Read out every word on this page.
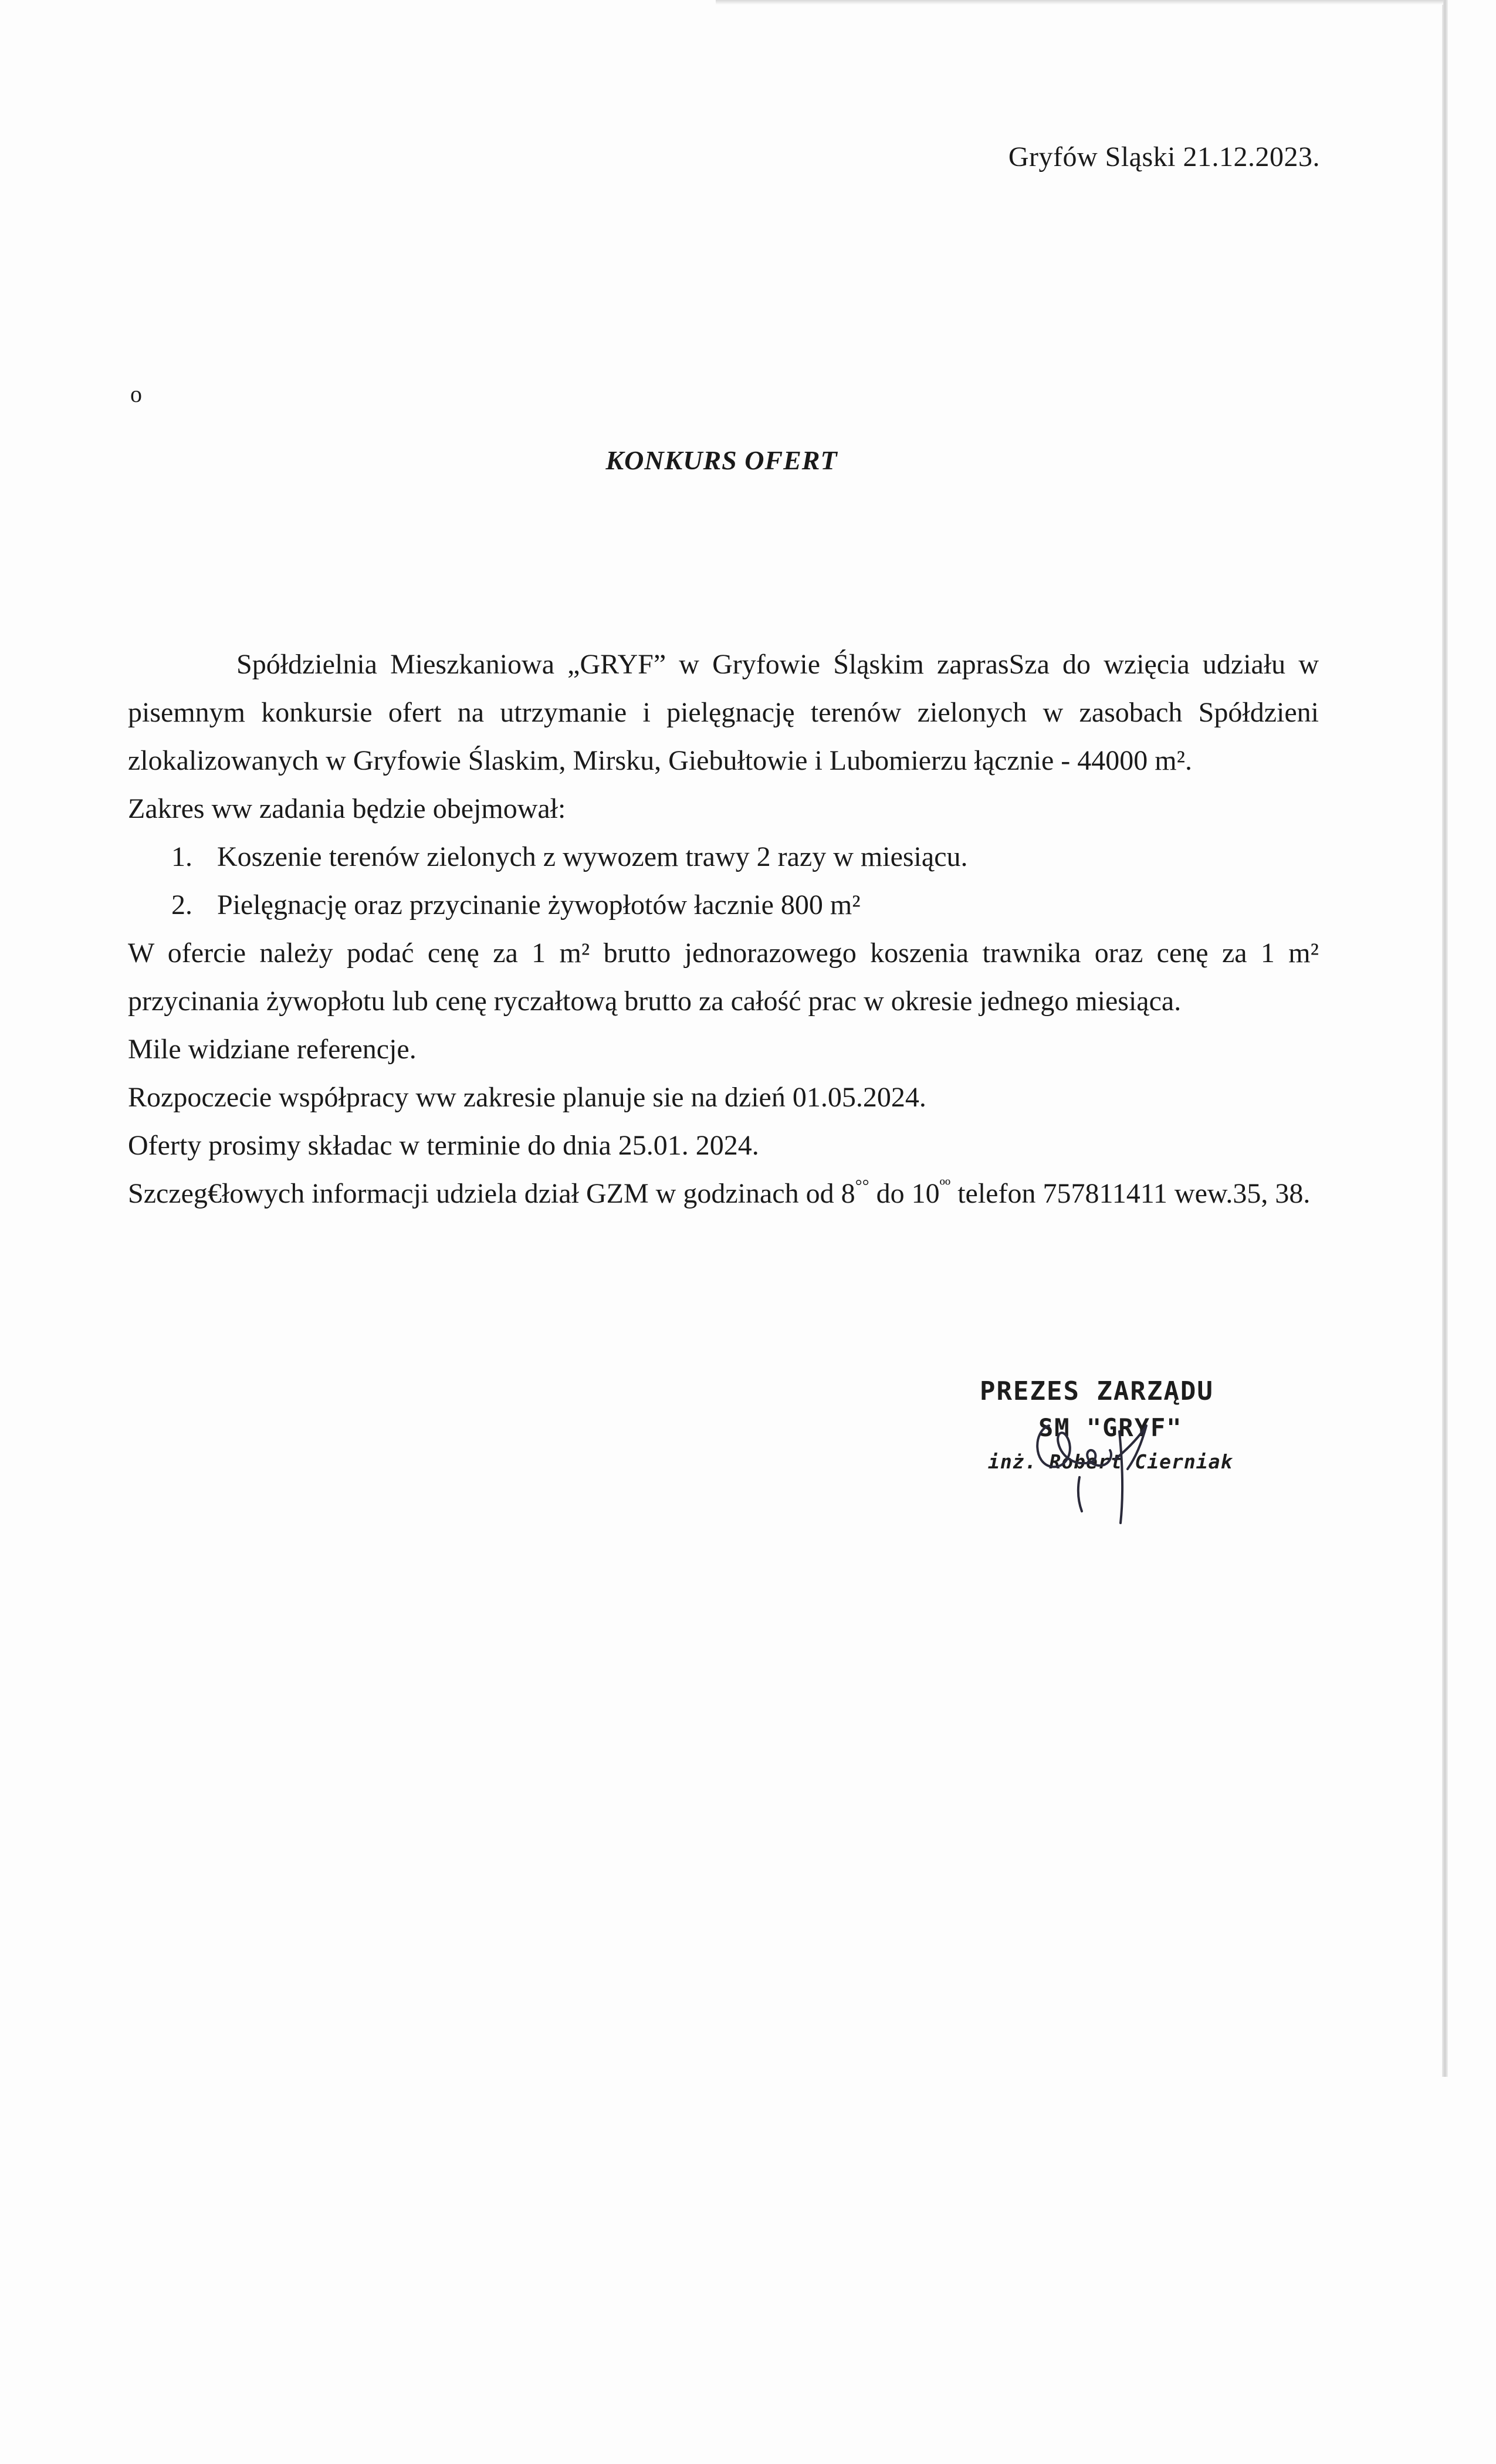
Gryfów Sląski 21.12.2023.
o
KONKURS OFERT

Spółdzielnia Mieszkaniowa „GRYF” w Gryfowie Śląskim zaprasSza do wzięcia udziału w pisemnym konkursie ofert na utrzymanie i pielęgnację terenów zielonych w zasobach Spółdzieni zlokalizowanych w Gryfowie Ślaskim, Mirsku, Giebułtowie i Lubomierzu łącznie - 44000 m².

Zakres ww zadania będzie obejmował:

1. Koszenie terenów zielonych z wywozem trawy 2 razy w miesiącu.
2. Pielęgnację oraz przycinanie żywopłotów łacznie 800 m²

W ofercie należy podać cenę za 1 m² brutto jednorazowego koszenia trawnika oraz cenę za 1 m² przycinania żywopłotu lub cenę ryczałtową brutto za całość prac w okresie jednego miesiąca.

Mile widziane referencje.

Rozpoczecie współpracy ww zakresie planuje sie na dzień 01.05.2024.

Oferty prosimy składac w terminie do dnia 25.01. 2024.

Szczeg€łowych informacji udziela dział GZM w godzinach od 8°° do $10^{ºº}$ telefon 757811411 wew.35, 38.

PREZES ZARZĄDU
SM "GRYF"
inż. Robert Cierniak
